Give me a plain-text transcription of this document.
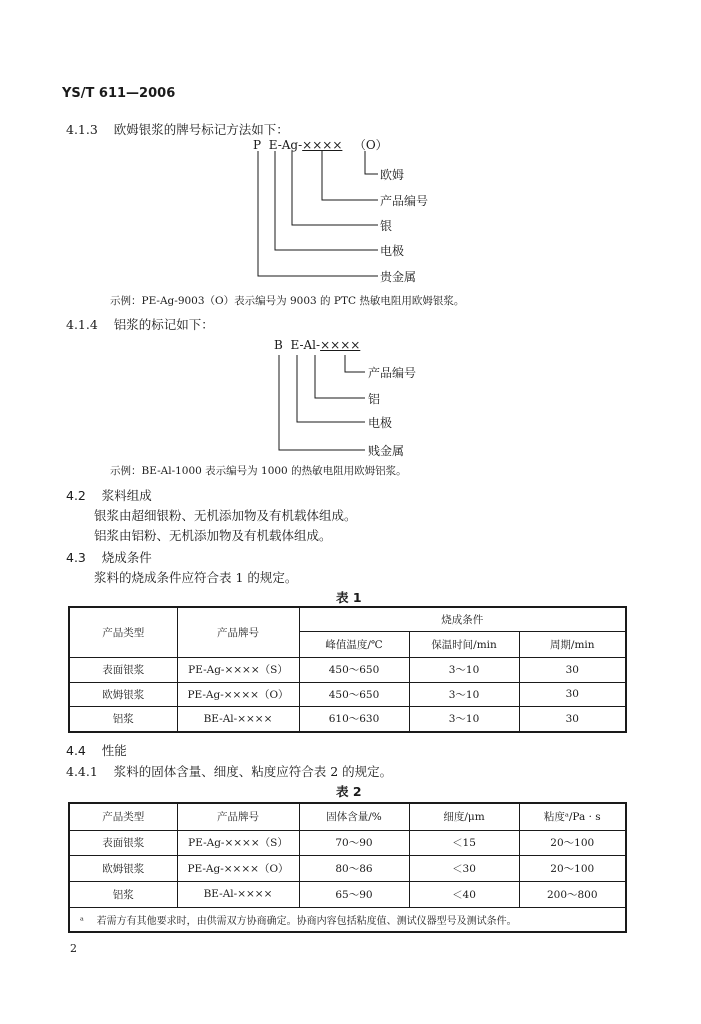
YS/T 611—2006
4.1.3 欧姆银浆的牌号标记方法如下：
P E-Ag-×××× （O）
欧姆
产品编号
银
电极
贵金属
示例：PE-Ag-9003（O）表示编号为 9003 的 PTC 热敏电阻用欧姆银浆。
4.1.4 铝浆的标记如下：
B E-Al-××××
产品编号
铝
电极
贱金属
示例：BE-Al-1000 表示编号为 1000 的热敏电阻用欧姆铝浆。
4.2 浆料组成
银浆由超细银粉、无机添加物及有机载体组成。
铝浆由铝粉、无机添加物及有机载体组成。
4.3 烧成条件
浆料的烧成条件应符合表 1 的规定。
表 1
产品类型	产品牌号	烧成条件		
		峰值温度/℃	保温时间/min	周期/min
表面银浆	PE-Ag-××××（S）	450～650	3～10	30
欧姆银浆	PE-Ag-××××（O）	450～650	3～10	30
铝浆	BE-Al-××××	610～630	3～10	30
4.4 性能
4.4.1 浆料的固体含量、细度、粘度应符合表 2 的规定。
表 2
产品类型	产品牌号	固体含量/%	细度/μm	粘度ᵃ/Pa · s
表面银浆	PE-Ag-××××（S）	70～90	＜15	20～100
欧姆银浆	PE-Ag-××××（O）	80～86	＜30	20～100
铝浆	BE-Al-××××	65～90	＜40	200～800
ᵃ 若需方有其他要求时，由供需双方协商确定。协商内容包括粘度值、测试仪器型号及测试条件。				
2
